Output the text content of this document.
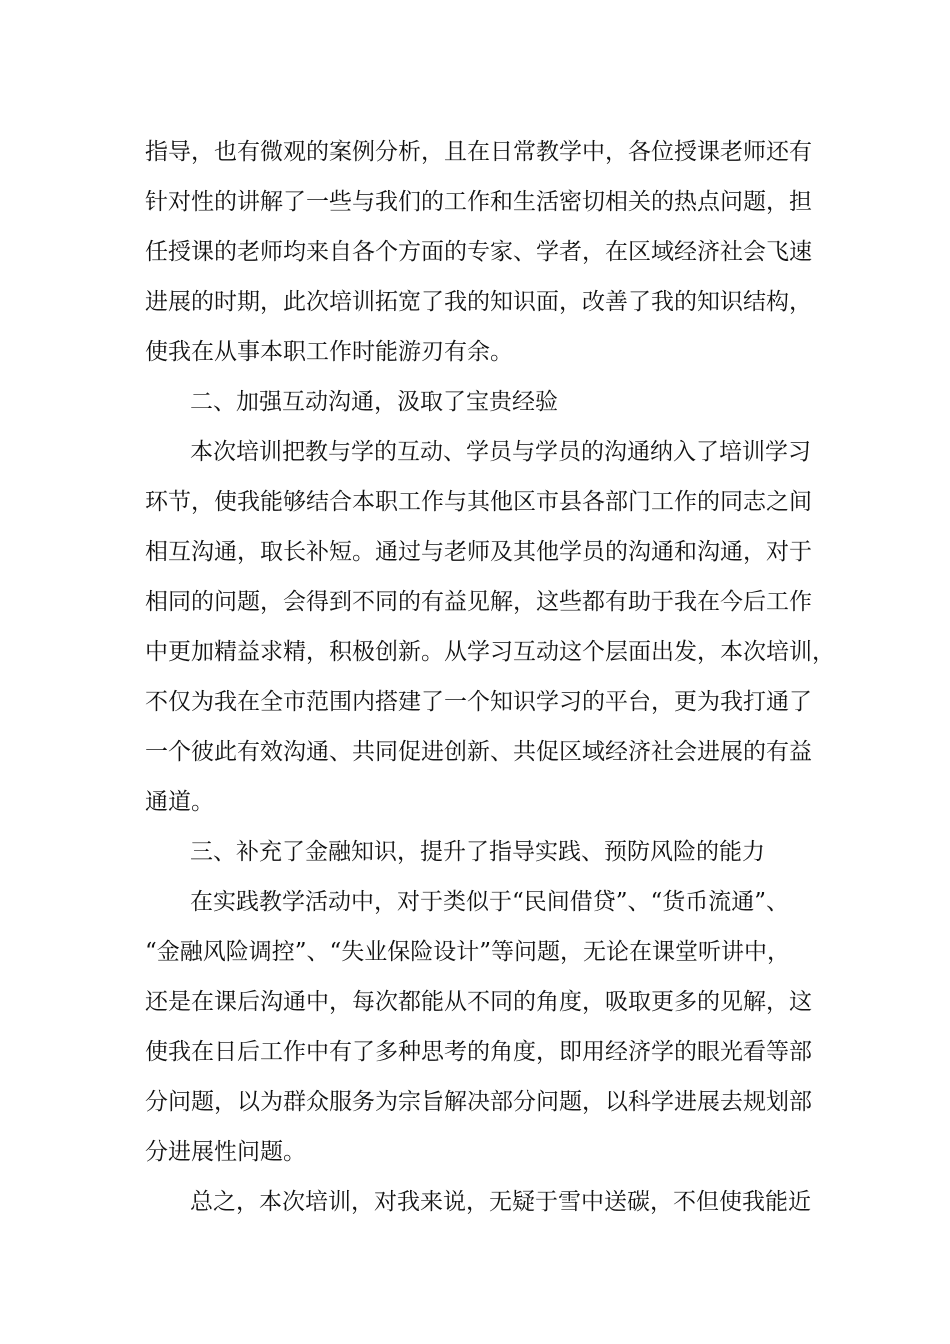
指导，也有微观的案例分析，且在日常教学中，各位授课老师还有

针对性的讲解了一些与我们的工作和生活密切相关的热点问题，担

任授课的老师均来自各个方面的专家、学者，在区域经济社会飞速

进展的时期，此次培训拓宽了我的知识面，改善了我的知识结构，

使我在从事本职工作时能游刃有余。

二、加强互动沟通，汲取了宝贵经验

本次培训把教与学的互动、学员与学员的沟通纳入了培训学习

环节，使我能够结合本职工作与其他区市县各部门工作的同志之间

相互沟通，取长补短。通过与老师及其他学员的沟通和沟通，对于

相同的问题，会得到不同的有益见解，这些都有助于我在今后工作

中更加精益求精，积极创新。从学习互动这个层面出发，本次培训，

不仅为我在全市范围内搭建了一个知识学习的平台，更为我打通了

一个彼此有效沟通、共同促进创新、共促区域经济社会进展的有益

通道。

三、补充了金融知识，提升了指导实践、预防风险的能力

在实践教学活动中，对于类似于“民间借贷”、“货币流通”、

“金融风险调控”、“失业保险设计”等问题，无论在课堂听讲中，

还是在课后沟通中，每次都能从不同的角度，吸取更多的见解，这

使我在日后工作中有了多种思考的角度，即用经济学的眼光看等部

分问题，以为群众服务为宗旨解决部分问题，以科学进展去规划部

分进展性问题。

总之，本次培训，对我来说，无疑于雪中送碳，不但使我能近
